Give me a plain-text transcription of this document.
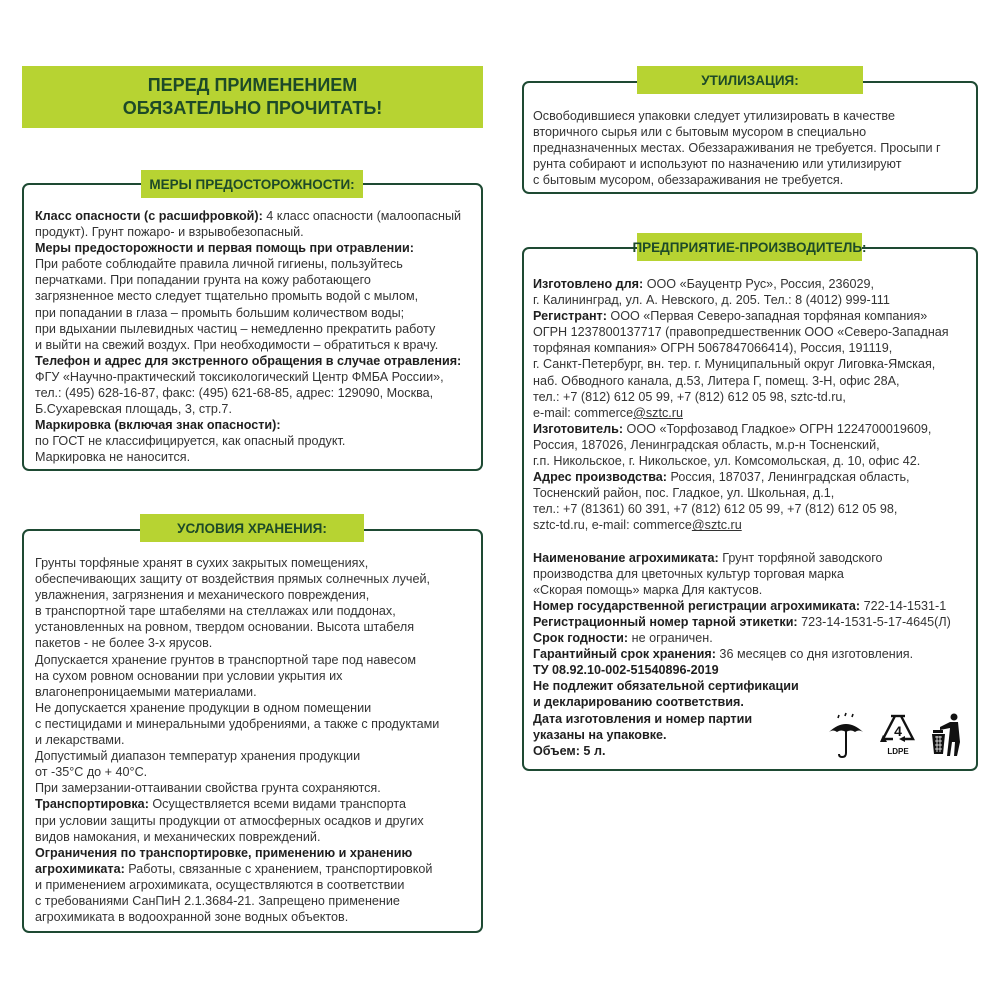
ПЕРЕД ПРИМЕНЕНИЕМ
ОБЯЗАТЕЛЬНО ПРОЧИТАТЬ!
МЕРЫ ПРЕДОСТОРОЖНОСТИ:
Класс опасности (с расшифровкой): 4 класс опасности (малоопасный
продукт). Грунт пожаро- и взрывобезопасный.
Меры предосторожности и первая помощь при отравлении:
При работе соблюдайте правила личной гигиены, пользуйтесь
перчатками. При попадании грунта на кожу работающего
загрязненное место следует тщательно промыть водой с мылом,
при попадании в глаза – промыть большим количеством воды;
при вдыхании пылевидных частиц – немедленно прекратить работу
и выйти на свежий воздух. При необходимости – обратиться к врачу.
Телефон и адрес для экстренного обращения в случае отравления:
ФГУ «Научно-практический токсикологический Центр ФМБА России»,
тел.: (495) 628-16-87, факс: (495) 621-68-85, адрес: 129090, Москва,
Б.Сухаревская площадь, 3, стр.7.
Маркировка (включая знак опасности):
по ГОСТ не классифицируется, как опасный продукт.
Маркировка не наносится.
УСЛОВИЯ ХРАНЕНИЯ:
Грунты торфяные хранят в сухих закрытых помещениях,
обеспечивающих защиту от воздействия прямых солнечных лучей,
увлажнения, загрязнения и механического повреждения,
в транспортной таре штабелями на стеллажах или поддонах,
установленных на ровном, твердом основании. Высота штабеля
пакетов - не более 3-х ярусов.
Допускается хранение грунтов в транспортной таре под навесом
на сухом ровном основании при условии укрытия их
влагонепроницаемыми материалами.
Не допускается хранение продукции в одном помещении
с пестицидами и минеральными удобрениями, а также с продуктами
и лекарствами.
Допустимый диапазон температур хранения продукции
от -35°С до + 40°С.
При замерзании-оттаивании свойства грунта сохраняются.
Транспортировка: Осуществляется всеми видами транспорта
при условии защиты продукции от атмосферных осадков и других
видов намокания, и механических повреждений.
Ограничения по транспортировке, применению и хранению
агрохимиката: Работы, связанные с хранением, транспортировкой
и применением агрохимиката, осуществляются в соответствии
с требованиями СанПиН 2.1.3684-21. Запрещено применение
агрохимиката в водоохранной зоне водных объектов.
УТИЛИЗАЦИЯ:
Освободившиеся упаковки следует утилизировать в качестве
вторичного сырья или с бытовым мусором в специально
предназначенных местах. Обеззараживания не требуется. Просыпи г
рунта собирают и используют по назначению или утилизируют
с бытовым мусором, обеззараживания не требуется.
ПРЕДПРИЯТИЕ-ПРОИЗВОДИТЕЛЬ:
Изготовлено для: ООО «Бауцентр Рус», Россия, 236029,
г. Калининград, ул. А. Невского, д. 205. Тел.: 8 (4012) 999-111
Регистрант: ООО «Первая Северо-западная торфяная компания»
ОГРН 1237800137717 (правопредшественник ООО «Северо-Западная
торфяная компания» ОГРН 5067847066414), Россия, 191119,
г. Санкт-Петербург, вн. тер. г. Муниципальный округ Лиговка-Ямская,
наб. Обводного канала, д.53, Литера Г, помещ. 3-Н, офис 28А,
тел.: +7 (812) 612 05 99, +7 (812) 612 05 98, sztc-td.ru,
e-mail: commerce@sztc.ru
Изготовитель: ООО «Торфозавод Гладкое» ОГРН 1224700019609,
Россия, 187026, Ленинградская область, м.р-н Тосненский,
г.п. Никольское, г. Никольское, ул. Комсомольская, д. 10, офис 42.
Адрес производства: Россия, 187037, Ленинградская область,
Тосненский район, пос. Гладкое, ул. Школьная, д.1,
тел.: +7 (81361) 60 391, +7 (812) 612 05 99, +7 (812) 612 05 98,
sztc-td.ru, e-mail: commerce@sztc.ru
Наименование агрохимиката: Грунт торфяной заводского
производства для цветочных культур торговая марка
«Скорая помощь» марка Для кактусов.
Номер государственной регистрации агрохимиката: 722-14-1531-1
Регистрационный номер тарной этикетки: 723-14-1531-5-17-4645(Л)
Срок годности: не ограничен.
Гарантийный срок хранения: 36 месяцев со дня изготовления.
ТУ 08.92.10-002-51540896-2019
Не подлежит обязательной сертификации
и декларированию соответствия.
Дата изготовления и номер партии
указаны на упаковке.
Объем: 5 л.
4
LDPE
